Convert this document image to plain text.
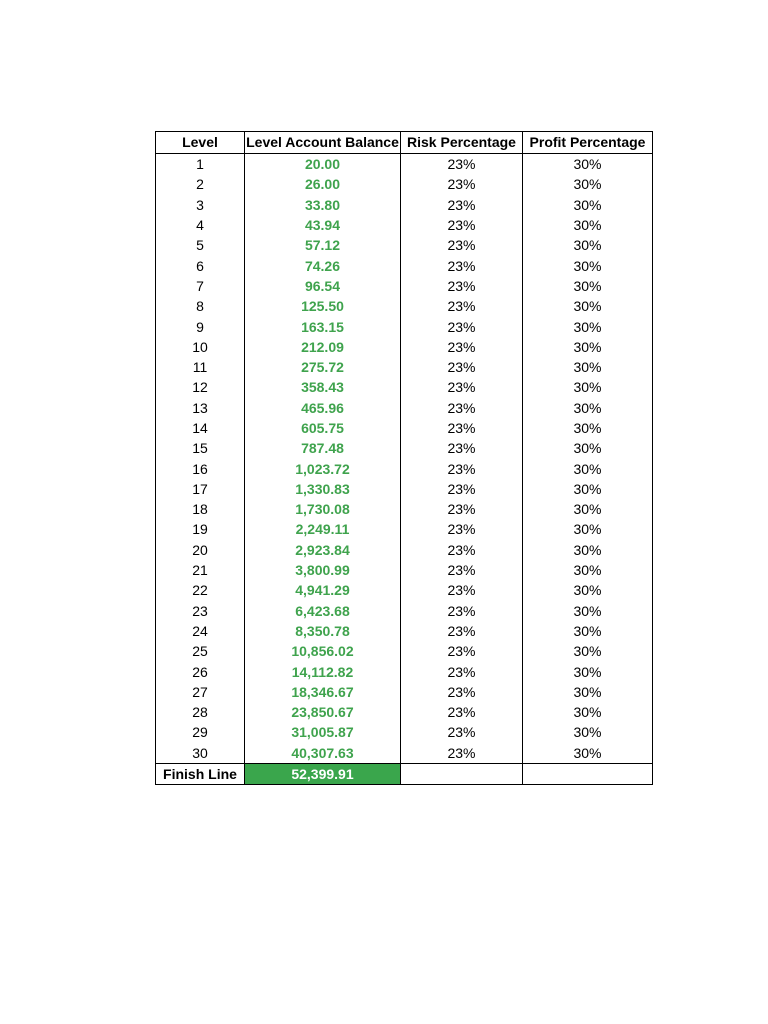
Level	Level Account Balance	Risk Percentage	Profit Percentage
1	20.00	23%	30%
2	26.00	23%	30%
3	33.80	23%	30%
4	43.94	23%	30%
5	57.12	23%	30%
6	74.26	23%	30%
7	96.54	23%	30%
8	125.50	23%	30%
9	163.15	23%	30%
10	212.09	23%	30%
11	275.72	23%	30%
12	358.43	23%	30%
13	465.96	23%	30%
14	605.75	23%	30%
15	787.48	23%	30%
16	1,023.72	23%	30%
17	1,330.83	23%	30%
18	1,730.08	23%	30%
19	2,249.11	23%	30%
20	2,923.84	23%	30%
21	3,800.99	23%	30%
22	4,941.29	23%	30%
23	6,423.68	23%	30%
24	8,350.78	23%	30%
25	10,856.02	23%	30%
26	14,112.82	23%	30%
27	18,346.67	23%	30%
28	23,850.67	23%	30%
29	31,005.87	23%	30%
30	40,307.63	23%	30%
Finish Line	52,399.91		
